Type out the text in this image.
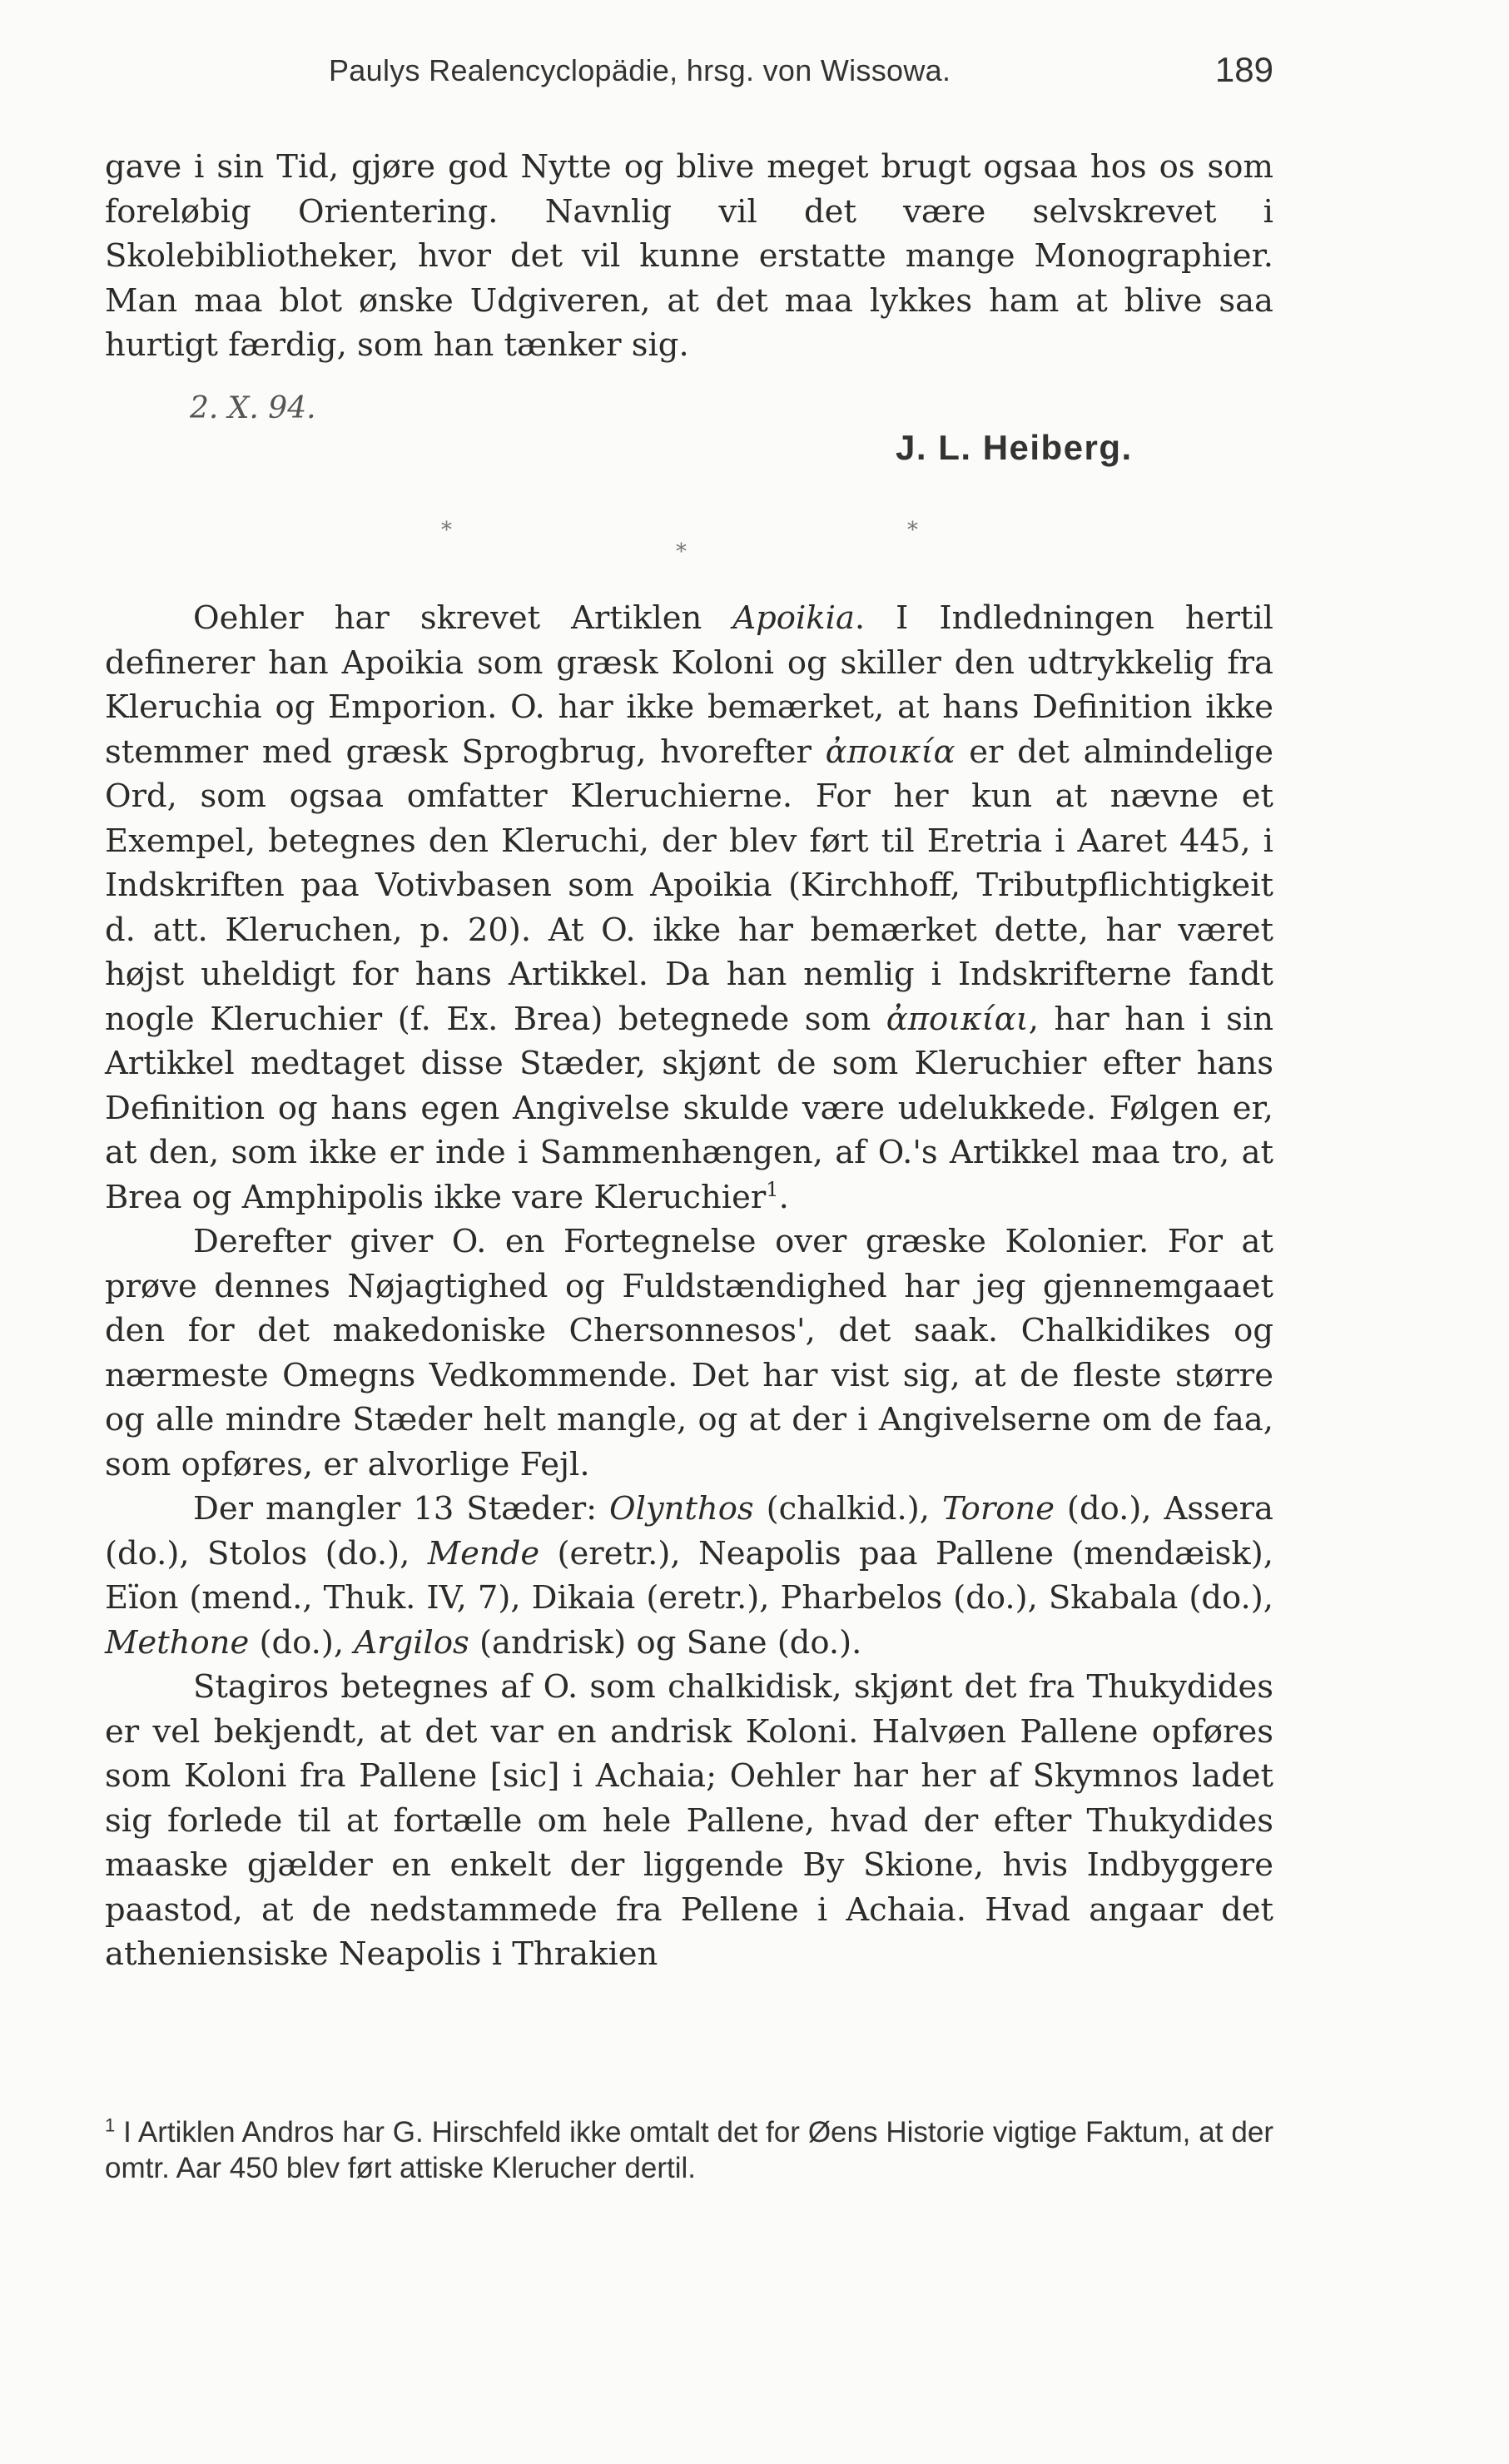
Paulys Realencyclopädie, hrsg. von Wissowa.	189

gave i sin Tid, gjøre god Nytte og blive meget brugt ogsaa hos os som foreløbig Orientering. Navnlig vil det være selvskrevet i Skolebibliotheker, hvor det vil kunne erstatte mange Monographier. Man maa blot ønske Udgiveren, at det maa lykkes ham at blive saa hurtigt færdig, som han tænker sig.

2. X. 94.
J. L. Heiberg.
*
*
*

Oehler har skrevet Artiklen Apoikia. I Indledningen hertil definerer han Apoikia som græsk Koloni og skiller den udtrykkelig fra Kleruchia og Emporion. O. har ikke bemærket, at hans Definition ikke stemmer med græsk Sprogbrug, hvorefter ἀποικία er det almindelige Ord, som ogsaa omfatter Kleruchierne. For her kun at nævne et Exempel, betegnes den Kleruchi, der blev ført til Eretria i Aaret 445, i Indskriften paa Votivbasen som Apoikia (Kirchhoff, Tributpflichtigkeit d. att. Kleruchen, p. 20). At O. ikke har bemærket dette, har været højst uheldigt for hans Artikkel. Da han nemlig i Indskrifterne fandt nogle Kleruchier (f. Ex. Brea) betegnede som ἀποικίαι, har han i sin Artikkel medtaget disse Stæder, skjønt de som Kleruchier efter hans Definition og hans egen Angivelse skulde være udelukkede. Følgen er, at den, som ikke er inde i Sammenhængen, af O.'s Artikkel maa tro, at Brea og Amphipolis ikke vare Kleruchier$^1$.

Derefter giver O. en Fortegnelse over græske Kolonier. For at prøve dennes Nøjagtighed og Fuldstændighed har jeg gjennemgaaet den for det makedoniske Chersonnesos', det saak. Chalkidikes og nærmeste Omegns Vedkommende. Det har vist sig, at de fleste større og alle mindre Stæder helt mangle, og at der i Angivelserne om de faa, som opføres, er alvorlige Fejl.

Der mangler 13 Stæder: Olynthos (chalkid.), Torone (do.), Assera (do.), Stolos (do.), Mende (eretr.), Neapolis paa Pallene (mendæisk), Eïon (mend., Thuk. IV, 7), Dikaia (eretr.), Pharbelos (do.), Skabala (do.), Methone (do.), Argilos (andrisk) og Sane (do.).

Stagiros betegnes af O. som chalkidisk, skjønt det fra Thukydides er vel bekjendt, at det var en andrisk Koloni. Halvøen Pallene opføres som Koloni fra Pallene [sic] i Achaia; Oehler har her af Skymnos ladet sig forlede til at fortælle om hele Pallene, hvad der efter Thukydides maaske gjælder en enkelt der liggende By Skione, hvis Indbyggere paastod, at de nedstammede fra Pellene i Achaia. Hvad angaar det atheniensiske Neapolis i Thrakien

$^1$ I Artiklen Andros har G. Hirschfeld ikke omtalt det for Øens Historie vigtige Faktum, at der omtr. Aar 450 blev ført attiske Klerucher dertil.
